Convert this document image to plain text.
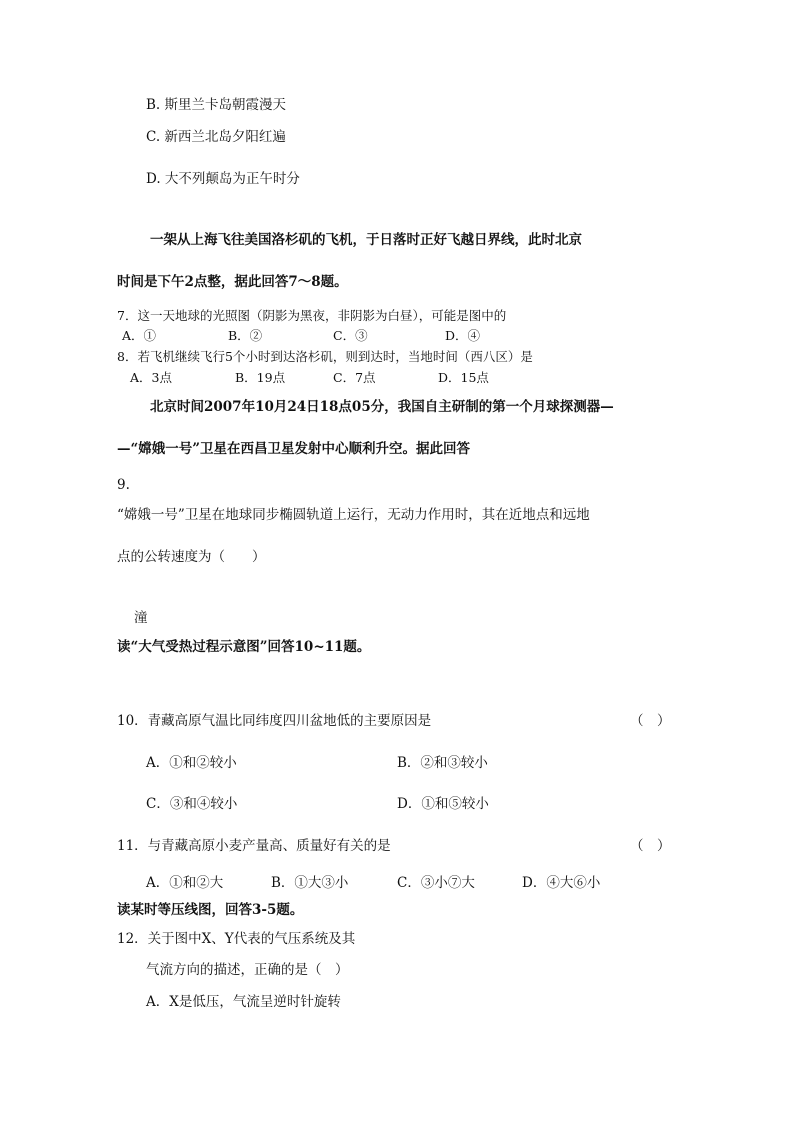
B. 斯里兰卡岛朝霞漫天
C. 新西兰北岛夕阳红遍
D. 大不列颠岛为正午时分
一架从上海飞往美国洛杉矶的飞机，于日落时正好飞越日界线，此时北京
时间是下午2点整，据此回答7～8题。
7．这一天地球的光照图（阴影为黑夜，非阴影为白昼），可能是图中的
A．①	B．②	C．③	D．④
8．若飞机继续飞行5个小时到达洛杉矶，则到达时，当地时间（西八区）是
A．3点	B．19点	C．7点	D．15点
北京时间2007年10月24日18点05分，我国自主研制的第一个月球探测器—
—“嫦娥一号”卫星在西昌卫星发射中心顺利升空。据此回答
9.
“嫦娥一号”卫星在地球同步椭圆轨道上运行，无动力作用时，其在近地点和远地
点的公转速度为（　　）
潼
读“大气受热过程示意图”回答10~11题。
10．青藏高原气温比同纬度四川盆地低的主要原因是	（　）
A．①和②较小	B．②和③较小
C．③和④较小	D．①和⑤较小
11．与青藏高原小麦产量高、质量好有关的是	（　）
A．①和②大	B．①大③小	C．③小⑦大	D．④大⑥小
读某时等压线图，回答3-5题。
12．关于图中X、Y代表的气压系统及其
气流方向的描述，正确的是（　）
A．X是低压，气流呈逆时针旋转
